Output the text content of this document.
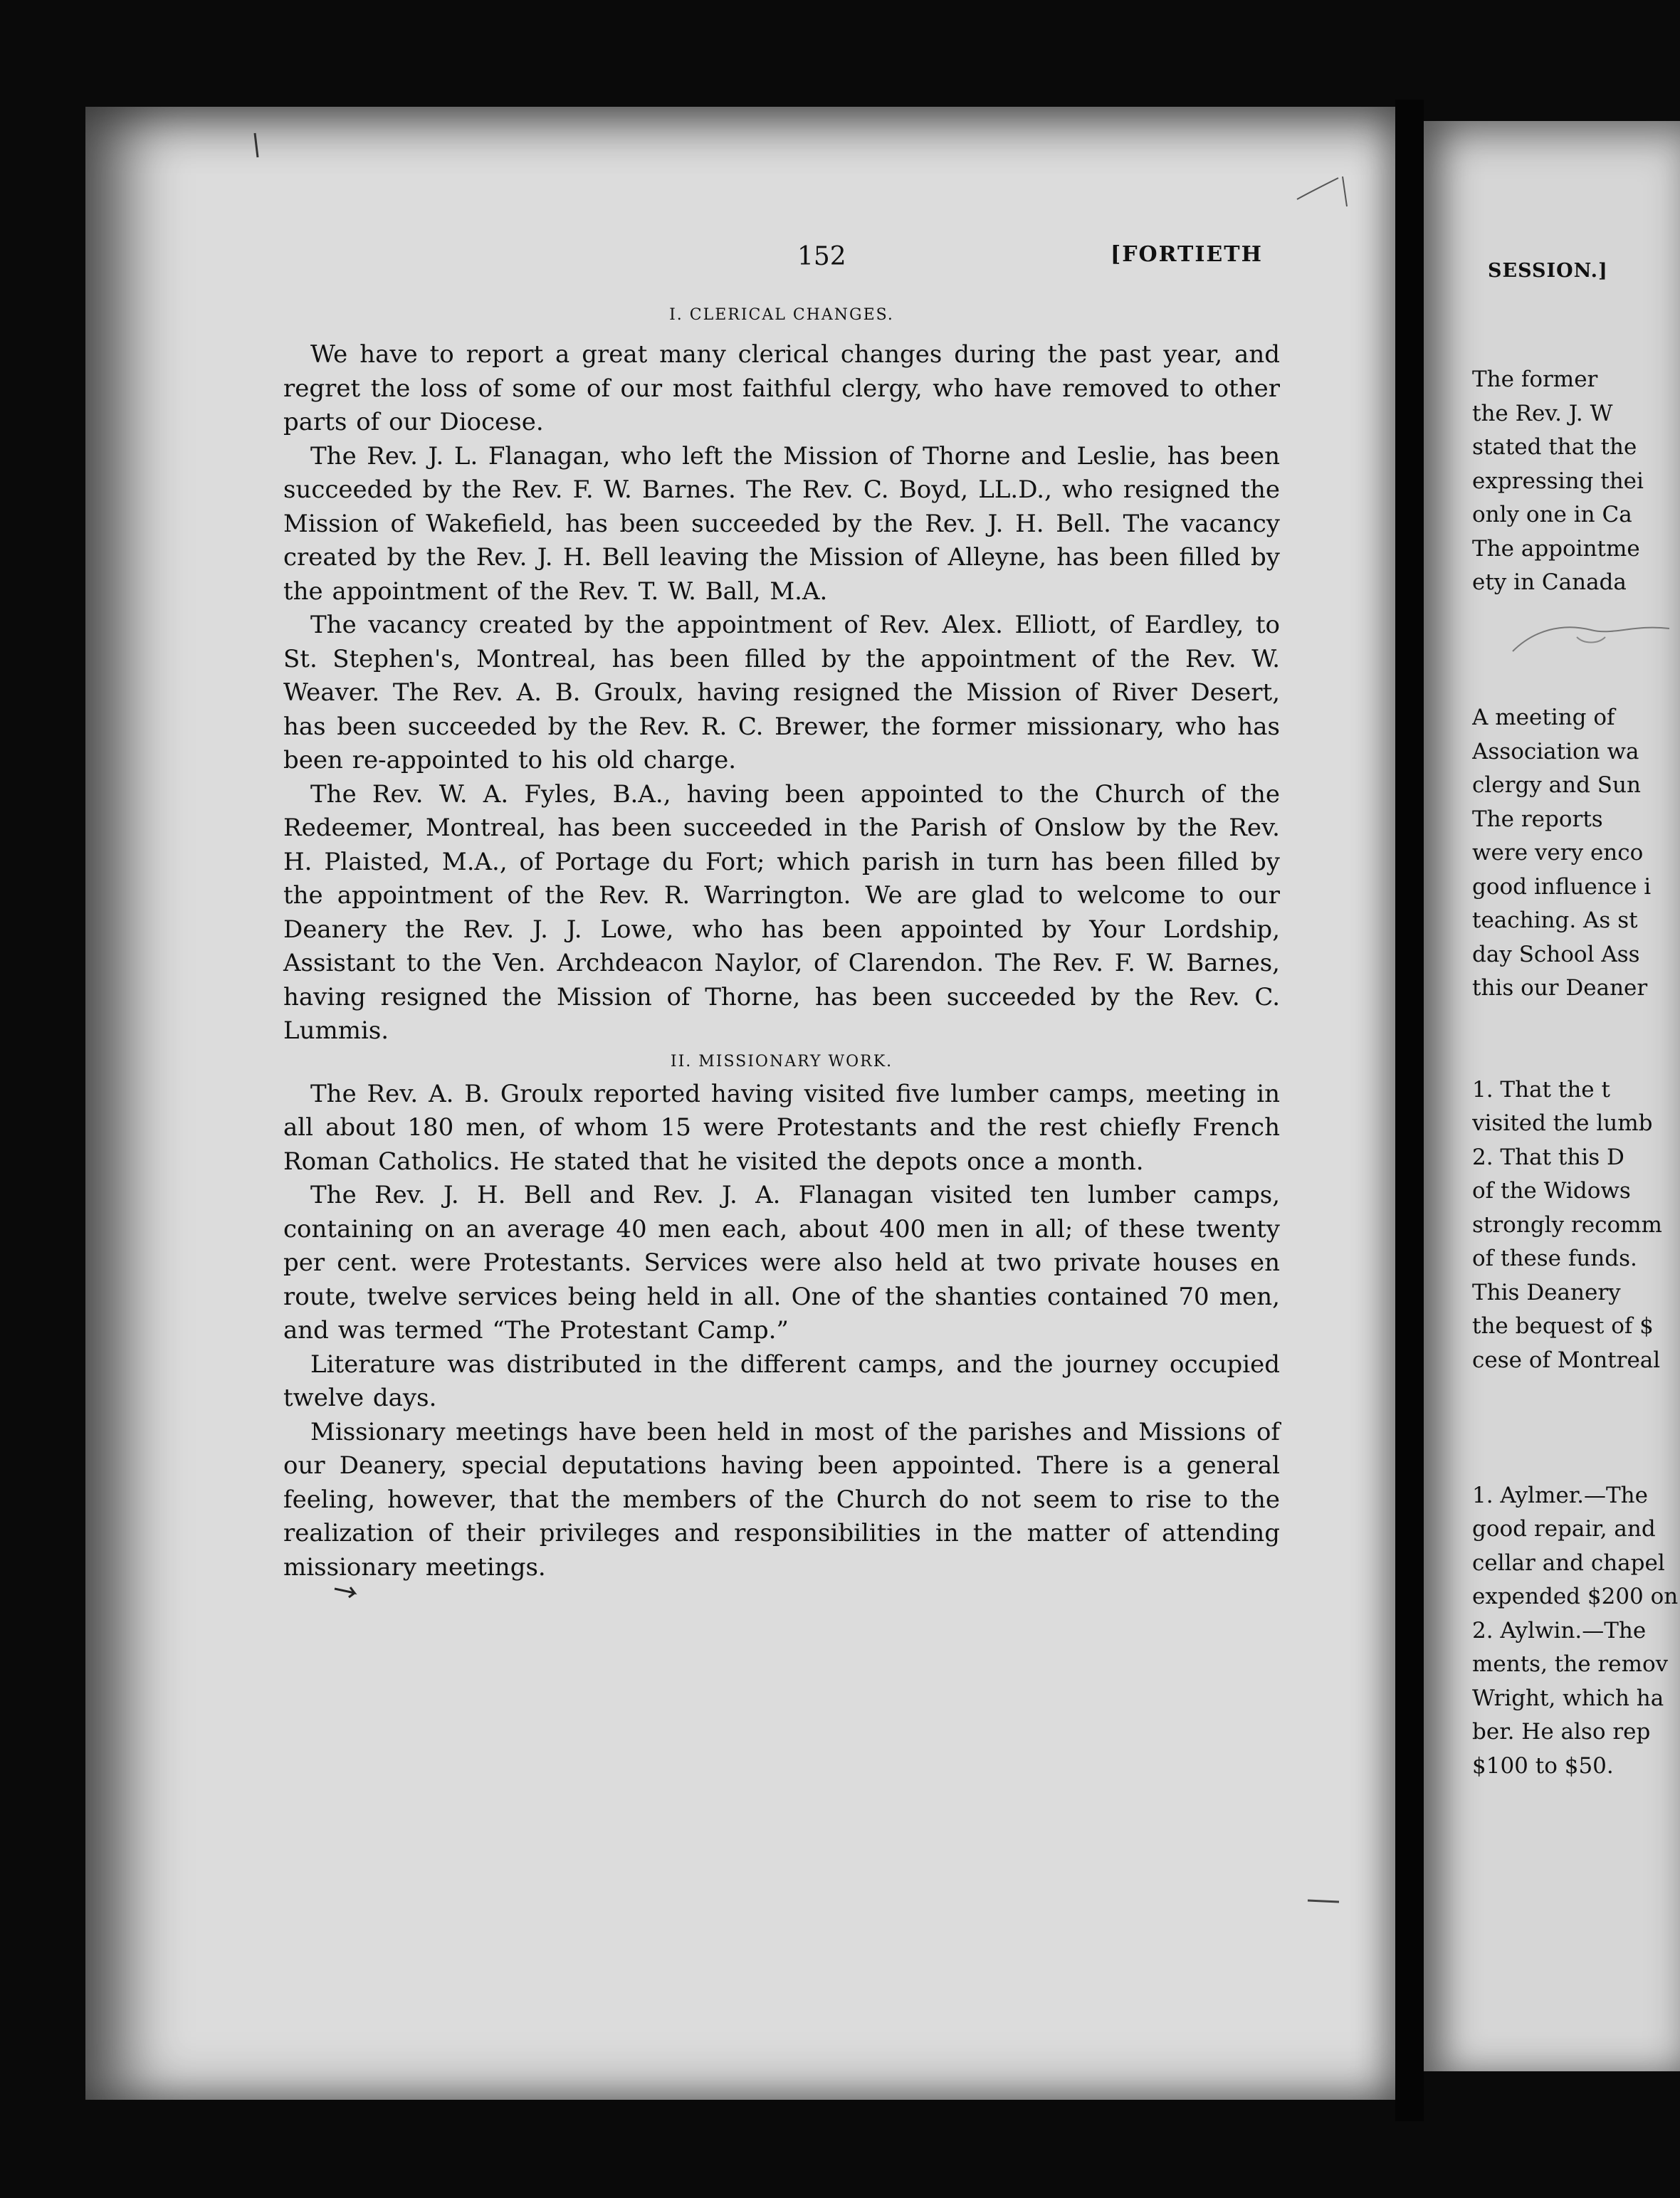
152	[FORTIETH

I. CLERICAL CHANGES.

We have to report a great many clerical changes during the past year, and regret the loss of some of our most faithful clergy, who have removed to other parts of our Diocese.

The Rev. J. L. Flanagan, who left the Mission of Thorne and Leslie, has been succeeded by the Rev. F. W. Barnes. The Rev. C. Boyd, LL.D., who resigned the Mission of Wakefield, has been succeeded by the Rev. J. H. Bell. The vacancy created by the Rev. J. H. Bell leaving the Mission of Alleyne, has been filled by the appointment of the Rev. T. W. Ball, M.A.

The vacancy created by the appointment of Rev. Alex. Elliott, of Eardley, to St. Stephen's, Montreal, has been filled by the appointment of the Rev. W. Weaver. The Rev. A. B. Groulx, having resigned the Mission of River Desert, has been succeeded by the Rev. R. C. Brewer, the former missionary, who has been re-appointed to his old charge.

The Rev. W. A. Fyles, B.A., having been appointed to the Church of the Redeemer, Montreal, has been succeeded in the Parish of Onslow by the Rev. H. Plaisted, M.A., of Portage du Fort; which parish in turn has been filled by the appointment of the Rev. R. Warrington. We are glad to welcome to our Deanery the Rev. J. J. Lowe, who has been appointed by Your Lordship, Assistant to the Ven. Archdeacon Naylor, of Clarendon. The Rev. F. W. Barnes, having resigned the Mission of Thorne, has been succeeded by the Rev. C. Lummis.

II. MISSIONARY WORK.

The Rev. A. B. Groulx reported having visited five lumber camps, meeting in all about 180 men, of whom 15 were Protestants and the rest chiefly French Roman Catholics. He stated that he visited the depots once a month.

The Rev. J. H. Bell and Rev. J. A. Flanagan visited ten lumber camps, containing on an average 40 men each, about 400 men in all; of these twenty per cent. were Protestants. Services were also held at two private houses en route, twelve services being held in all. One of the shanties contained 70 men, and was termed “The Protestant Camp.”

Literature was distributed in the different camps, and the journey occupied twelve days.

Missionary meetings have been held in most of the parishes and Missions of our Deanery, special deputations having been appointed. There is a general feeling, however, that the members of the Church do not seem to rise to the realization of their privileges and responsibilities in the matter of attending missionary meetings.

SESSION.]
The former
the Rev. J. W
stated that the
expressing thei
only one in Ca
The appointme
ety in Canada
A meeting of
Association wa
clergy and Sun
The reports
were very enco
good influence i
teaching. As st
day School Ass
this our Deaner
1. That the t
visited the lumb
2. That this D
of the Widows
strongly recomm
of these funds.
This Deanery
the bequest of $
cese of Montreal
1. Aylmer.—The
good repair, and
cellar and chapel
expended $200 on
2. Aylwin.—The
ments, the remov
Wright, which ha
ber. He also rep
$100 to $50.
